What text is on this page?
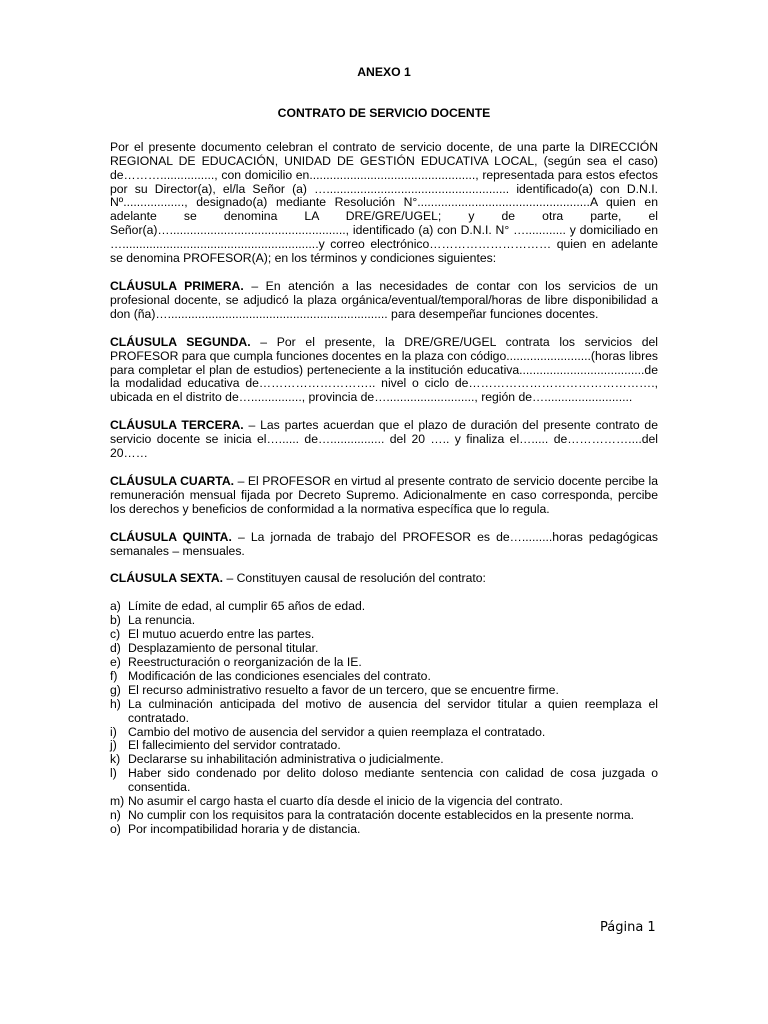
ANEXO 1
CONTRATO DE SERVICIO DOCENTE

Por el presente documento celebran el contrato de servicio docente, de una parte la DIRECCIÓN REGIONAL DE EDUCACIÓN, UNIDAD DE GESTIÓN EDUCATIVA LOCAL, (según sea el caso) de………................, con domicilio en................................................., representada para estos efectos por su Director(a), el/la Señor (a) …...................................................... identificado(a) con D.N.I. Nº.................., designado(a) mediante Resolución N°...................................................A quien en adelante se denomina LA DRE/GRE/UGEL; y de otra parte, el Señor(a)…...................................................., identificado (a) con D.N.I. N° …............ y domiciliado en …..........................................................y correo electrónico………………………… quien en adelante se denomina PROFESOR(A); en los términos y condiciones siguientes:

CLÁUSULA PRIMERA. – En atención a las necesidades de contar con los servicios de un profesional docente, se adjudicó la plaza orgánica/eventual/temporal/horas de libre disponibilidad a don (ña)…................................................................. para desempeñar funciones docentes.

CLÁUSULA SEGUNDA. – Por el presente, la DRE/GRE/UGEL contrata los servicios del PROFESOR para que cumpla funciones docentes en la plaza con código.........................(horas libres para completar el plan de estudios) perteneciente a la institución educativa.....................................de la modalidad educativa de……………………….. nivel o ciclo de………………………………………., ubicada en el distrito de…..............., provincia de….........................., región de…..........................

CLÁUSULA TERCERA. – Las partes acuerdan que el plazo de duración del presente contrato de servicio docente se inicia el…...... de…................ del 20 ….. y finaliza el…..... de……………....del 20……

CLÁUSULA CUARTA. – El PROFESOR en virtud al presente contrato de servicio docente percibe la remuneración mensual fijada por Decreto Supremo. Adicionalmente en caso corresponda, percibe los derechos y beneficios de conformidad a la normativa específica que lo regula.

CLÁUSULA QUINTA. – La jornada de trabajo del PROFESOR es de….........horas pedagógicas semanales – mensuales.

CLÁUSULA SEXTA. – Constituyen causal de resolución del contrato:

a) Límite de edad, al cumplir 65 años de edad.
b) La renuncia.
c) El mutuo acuerdo entre las partes.
d) Desplazamiento de personal titular.
e) Reestructuración o reorganización de la IE.
f) Modificación de las condiciones esenciales del contrato.
g) El recurso administrativo resuelto a favor de un tercero, que se encuentre firme.
h) La culminación anticipada del motivo de ausencia del servidor titular a quien reemplaza el contratado.
i) Cambio del motivo de ausencia del servidor a quien reemplaza el contratado.
j) El fallecimiento del servidor contratado.
k) Declararse su inhabilitación administrativa o judicialmente.
l) Haber sido condenado por delito doloso mediante sentencia con calidad de cosa juzgada o consentida.
m) No asumir el cargo hasta el cuarto día desde el inicio de la vigencia del contrato.
n) No cumplir con los requisitos para la contratación docente establecidos en la presente norma.
o) Por incompatibilidad horaria y de distancia.
Página 1
